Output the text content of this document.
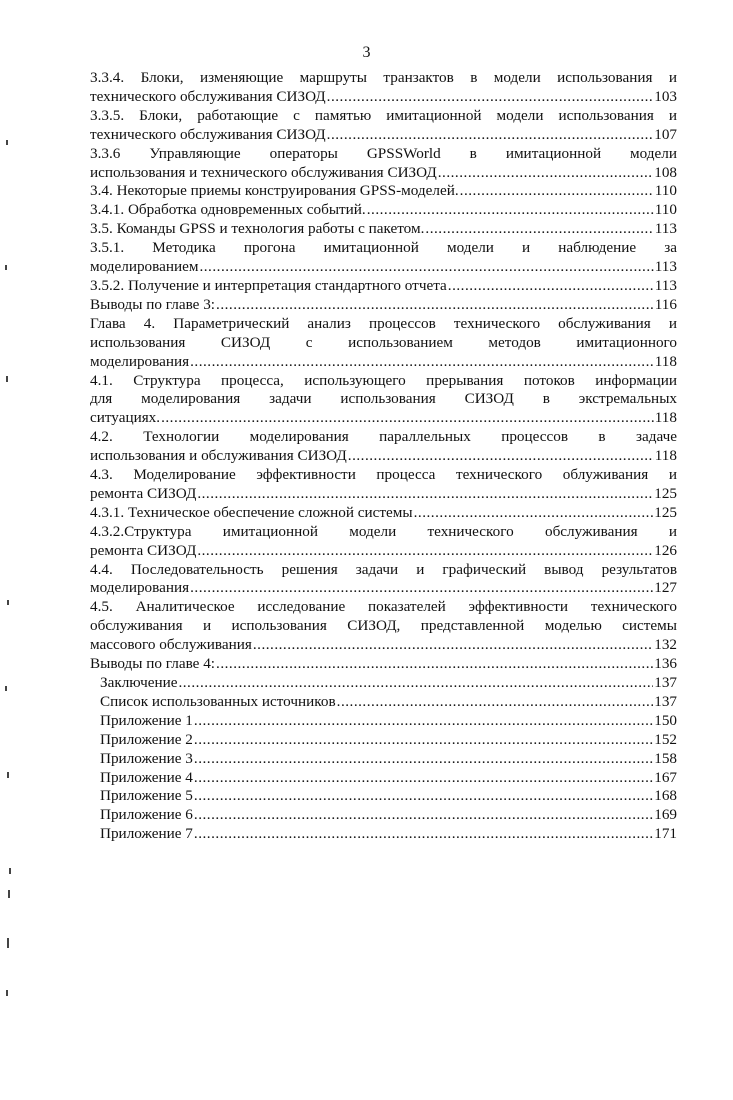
3
3.3.4. Блоки, изменяющие маршруты транзактов в модели использования и
технического обслуживания СИЗОД .....	103
3.3.5. Блоки, работающие с памятью имитационной модели использования и
технического обслуживания СИЗОД .....	107
3.3.6 Управляющие операторы GPSSWorld в имитационной модели
использования и технического обслуживания СИЗОД .....	108
3.4. Некоторые приемы конструирования GPSS-моделей. .....	110
3.4.1. Обработка одновременных событий. .....	110
3.5. Команды GPSS и технология работы с пакетом. .....	113
3.5.1. Методика прогона имитационной модели и наблюдение за
моделированием .....	113
3.5.2. Получение и интерпретация стандартного отчета .....	113
Выводы по главе 3: .....	116
Глава 4. Параметрический анализ процессов технического обслуживания и
использования СИЗОД с использованием методов имитационного
моделирования .....	118
4.1. Структура процесса, использующего прерывания потоков информации
для моделирования задачи использования СИЗОД в экстремальных
ситуациях. .....	118
4.2. Технологии моделирования параллельных процессов в задаче
использования и обслуживания СИЗОД .....	118
4.3. Моделирование эффективности процесса технического облуживания и
ремонта СИЗОД .....	125
4.3.1. Техническое обеспечение сложной системы .....	125
4.3.2.Структура имитационной модели технического обслуживания и
ремонта СИЗОД .....	126
4.4. Последовательность решения задачи и графический вывод результатов
моделирования .....	127
4.5. Аналитическое исследование показателей эффективности технического
обслуживания и использования СИЗОД, представленной моделью системы
массового обслуживания .....	132
Выводы по главе 4: .....	136
Заключение .....	137
Список использованных источников .....	137
Приложение 1 .....	150
Приложение 2 .....	152
Приложение 3 .....	158
Приложение 4 .....	167
Приложение 5 .....	168
Приложение 6 .....	169
Приложение 7 .....	171
